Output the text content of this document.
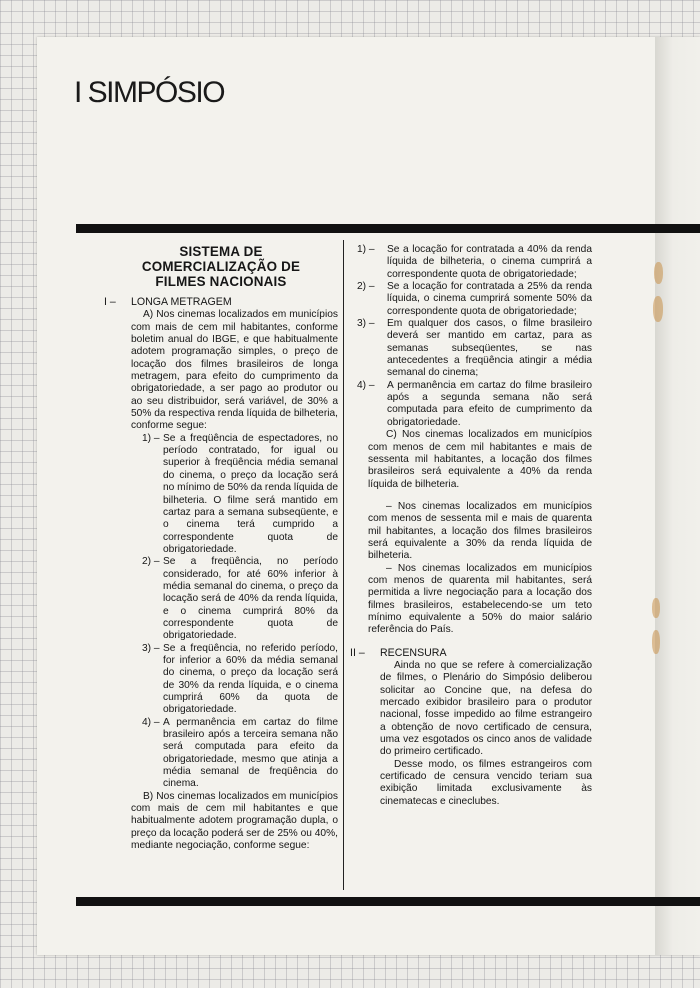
I SIMPÓSIO
SISTEMA DE
COMERCIALIZAÇÃO DE
FILMES NACIONAIS
I –	LONGA METRAGEM

A) Nos cinemas localizados em municípios com mais de cem mil habitantes, conforme boletim anual do IBGE, e que habitualmente adotem programação simples, o preço de locação dos filmes brasileiros de longa metragem, para efeito do cumprimento da obrigatoriedade, a ser pago ao produtor ou ao seu distribuidor, será variável, de 30% a 50% da respectiva renda líquida de bilheteria, conforme segue:

1) – Se a freqüência de espectadores, no período contratado, for igual ou superior à freqüência média semanal do cinema, o preço da locação será no mínimo de 50% da renda líquida de bilheteria. O filme será mantido em cartaz para a semana subseqüente, e o cinema terá cumprido a correspondente quota de obrigatoriedade.
2) – Se a freqüência, no período considerado, for até 60% inferior à média semanal do cinema, o preço da locação será de 40% da renda líquida, e o cinema cumprirá 80% da correspondente quota de obrigatoriedade.
3) – Se a freqüência, no referido período, for inferior a 60% da média semanal do cinema, o preço da locação será de 30% da renda líquida, e o cinema cumprirá 60% da quota de obrigatoriedade.
4) – A permanência em cartaz do filme brasileiro após a terceira semana não será computada para efeito da obrigatoriedade, mesmo que atinja a média semanal de freqüência do cinema.

B) Nos cinemas localizados em municípios com mais de cem mil habitantes e que habitualmente adotem programação dupla, o preço da locação poderá ser de 25% ou 40%, mediante negociação, conforme segue:

1) – Se a locação for contratada a 40% da renda líquida de bilheteria, o cinema cumprirá a correspondente quota de obrigatoriedade;
2) – Se a locação for contratada a 25% da renda líquida, o cinema cumprirá somente 50% da correspondente quota de obrigatoriedade;
3) – Em qualquer dos casos, o filme brasileiro deverá ser mantido em cartaz, para as semanas subseqüentes, se nas antecedentes a freqüência atingir a média semanal do cinema;
4) – A permanência em cartaz do filme brasileiro após a segunda semana não será computada para efeito de cumprimento da obrigatoriedade.

C) Nos cinemas localizados em municípios com menos de cem mil habitantes e mais de sessenta mil habitantes, a locação dos filmes brasileiros será equivalente a 40% da renda líquida de bilheteria.

– Nos cinemas localizados em municípios com menos de sessenta mil e mais de quarenta mil habitantes, a locação dos filmes brasileiros será equivalente a 30% da renda líquida de bilheteria.

– Nos cinemas localizados em municípios com menos de quarenta mil habitantes, será permitida a livre negociação para a locação dos filmes brasileiros, estabelecendo-se um teto mínimo equivalente a 50% do maior salário referência do País.

II –	RECENSURA

Ainda no que se refere à comercialização de filmes, o Plenário do Simpósio deliberou solicitar ao Concine que, na defesa do mercado exibidor brasileiro para o produtor nacional, fosse impedido ao filme estrangeiro a obtenção de novo certificado de censura, uma vez esgotados os cinco anos de validade do primeiro certificado.

Desse modo, os filmes estrangeiros com certificado de censura vencido teriam sua exibição limitada exclusivamente às cinematecas e cineclubes.
